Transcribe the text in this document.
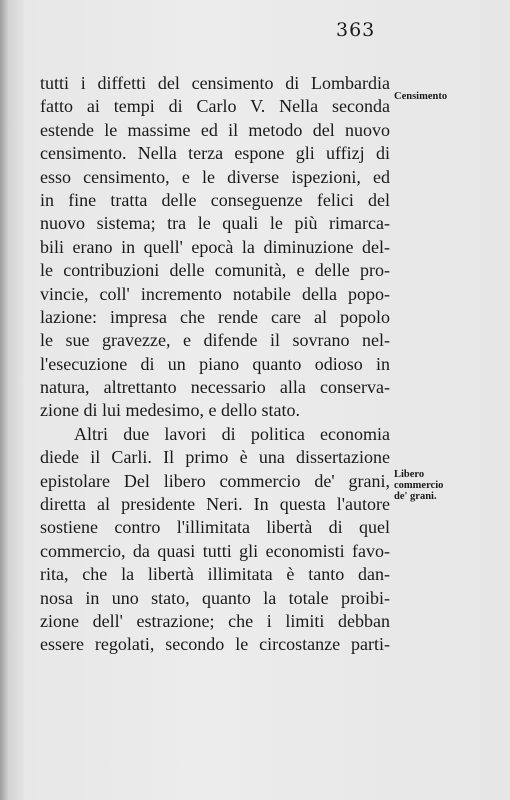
363

tutti i diffetti del censimento di Lombardia
fatto ai tempi di Carlo V. Nella seconda
estende le massime ed il metodo del nuovo
censimento. Nella terza espone gli uffizj di
esso censimento, e le diverse ispezioni, ed
in fine tratta delle conseguenze felici del
nuovo sistema; tra le quali le più rimarca-
bili erano in quell' epocà la diminuzione del-
le contribuzioni delle comunità, e delle pro-
vincie, coll' incremento notabile della popo-
lazione: impresa che rende care al popolo
le sue gravezze, e difende il sovrano nel-
l'esecuzione di un piano quanto odioso in
natura, altrettanto necessario alla conserva-
zione di lui medesimo, e dello stato.

Altri due lavori di politica economia
diede il Carli. Il primo è una dissertazione
epistolare Del libero commercio de' grani,
diretta al presidente Neri. In questa l'autore
sostiene contro l'illimitata libertà di quel
commercio, da quasi tutti gli economisti favo-
rita, che la libertà illimitata è tanto dan-
nosa in uno stato, quanto la totale proibi-
zione dell' estrazione; che i limiti debban
essere regolati, secondo le circostanze parti-

Censimento
Libero
commercio
de' grani.
